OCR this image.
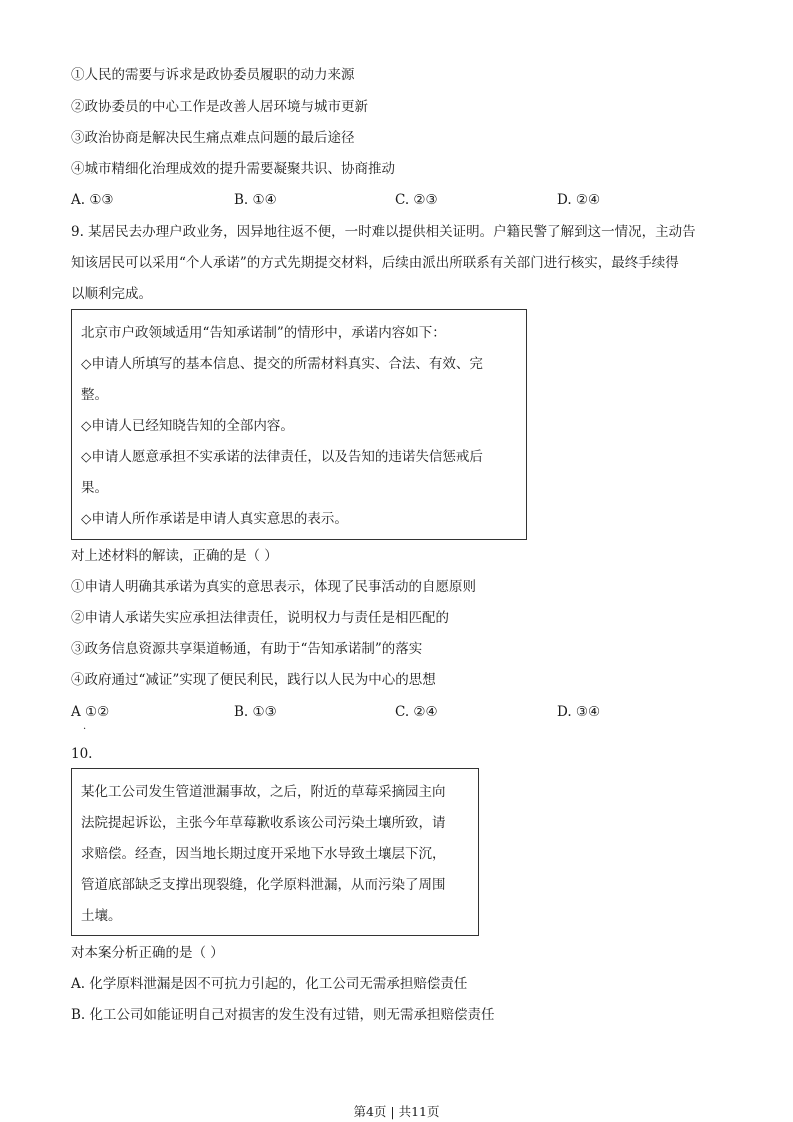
①人民的需要与诉求是政协委员履职的动力来源
②政协委员的中心工作是改善人居环境与城市更新
③政治协商是解决民生痛点难点问题的最后途径
④城市精细化治理成效的提升需要凝聚共识、协商推动
A. ①③	B. ①④	C. ②③	D. ②④
9. 某居民去办理户政业务，因异地往返不便，一时难以提供相关证明。户籍民警了解到这一情况，主动告
知该居民可以采用“个人承诺”的方式先期提交材料，后续由派出所联系有关部门进行核实，最终手续得
以顺利完成。
北京市户政领域适用“告知承诺制”的情形中，承诺内容如下：
◇申请人所填写的基本信息、提交的所需材料真实、合法、有效、完
整。
◇申请人已经知晓告知的全部内容。
◇申请人愿意承担不实承诺的法律责任，以及告知的违诺失信惩戒后
果。
◇申请人所作承诺是申请人真实意思的表示。
对上述材料的解读，正确的是（ ）
①申请人明确其承诺为真实的意思表示，体现了民事活动的自愿原则
②申请人承诺失实应承担法律责任，说明权力与责任是相匹配的
③政务信息资源共享渠道畅通，有助于“告知承诺制”的落实
④政府通过“减证”实现了便民利民，践行以人民为中心的思想
A ①②	B. ①③	C. ②④	D. ③④
.
10.
某化工公司发生管道泄漏事故，之后，附近的草莓采摘园主向
法院提起诉讼，主张今年草莓歉收系该公司污染土壤所致，请
求赔偿。经查，因当地长期过度开采地下水导致土壤层下沉，
管道底部缺乏支撑出现裂缝，化学原料泄漏，从而污染了周围
土壤。
对本案分析正确的是（ ）
A. 化学原料泄漏是因不可抗力引起的，化工公司无需承担赔偿责任
B. 化工公司如能证明自己对损害的发生没有过错，则无需承担赔偿责任
第4页 | 共11页
